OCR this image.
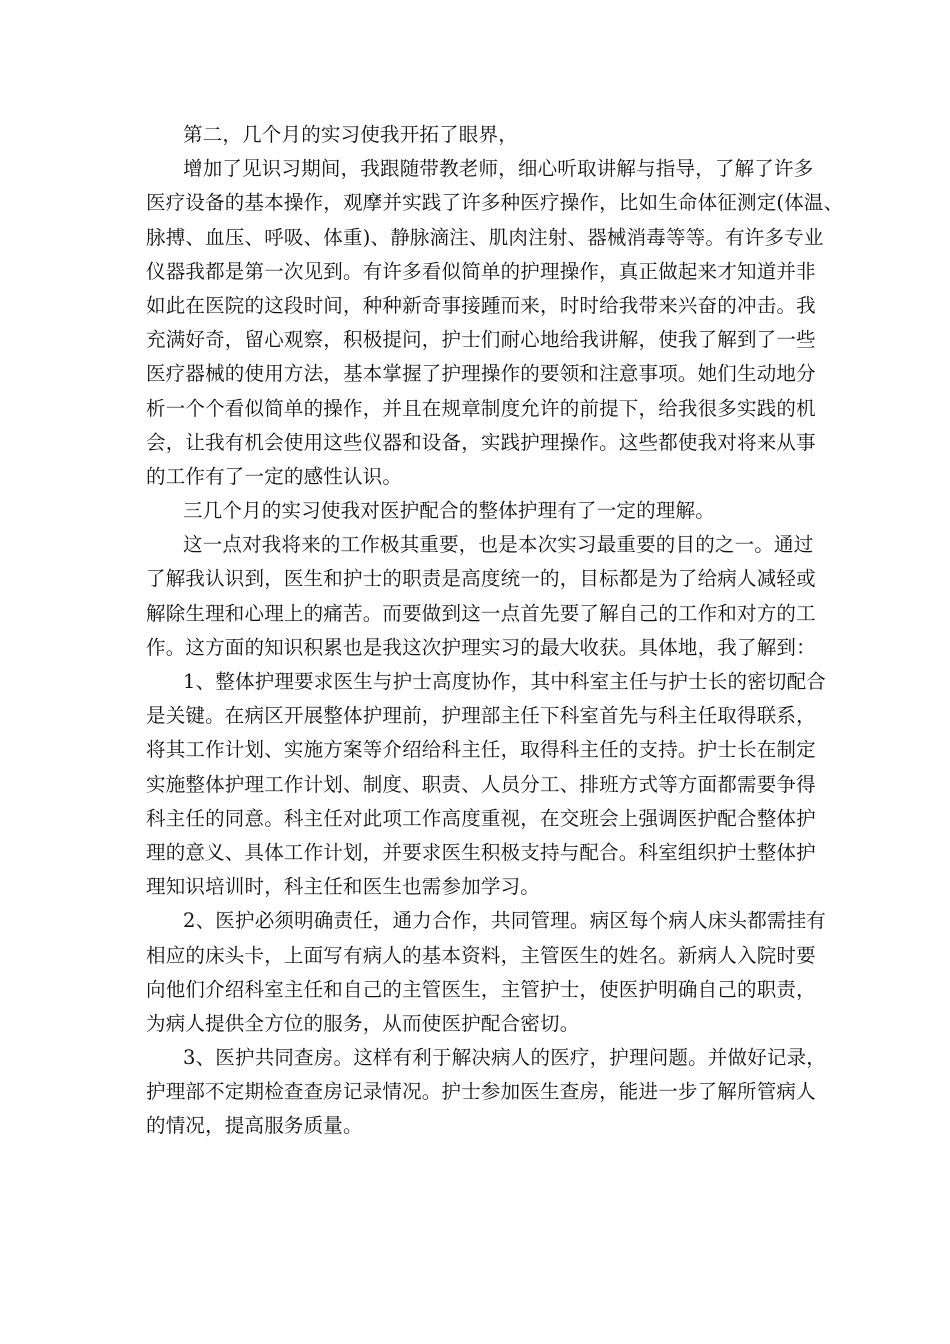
第二，几个月的实习使我开拓了眼界，
增加了见识习期间，我跟随带教老师，细心听取讲解与指导，了解了许多
医疗设备的基本操作，观摩并实践了许多种医疗操作，比如生命体征测定(体温、
脉搏、血压、呼吸、体重)、静脉滴注、肌肉注射、器械消毒等等。有许多专业
仪器我都是第一次见到。有许多看似简单的护理操作，真正做起来才知道并非
如此在医院的这段时间，种种新奇事接踵而来，时时给我带来兴奋的冲击。我
充满好奇，留心观察，积极提问，护士们耐心地给我讲解，使我了解到了一些
医疗器械的使用方法，基本掌握了护理操作的要领和注意事项。她们生动地分
析一个个看似简单的操作，并且在规章制度允许的前提下，给我很多实践的机
会，让我有机会使用这些仪器和设备，实践护理操作。这些都使我对将来从事
的工作有了一定的感性认识。
三几个月的实习使我对医护配合的整体护理有了一定的理解。
这一点对我将来的工作极其重要，也是本次实习最重要的目的之一。通过
了解我认识到，医生和护士的职责是高度统一的，目标都是为了给病人减轻或
解除生理和心理上的痛苦。而要做到这一点首先要了解自己的工作和对方的工
作。这方面的知识积累也是我这次护理实习的最大收获。具体地，我了解到：
1、整体护理要求医生与护士高度协作，其中科室主任与护士长的密切配合
是关键。在病区开展整体护理前，护理部主任下科室首先与科主任取得联系，
将其工作计划、实施方案等介绍给科主任，取得科主任的支持。护士长在制定
实施整体护理工作计划、制度、职责、人员分工、排班方式等方面都需要争得
科主任的同意。科主任对此项工作高度重视，在交班会上强调医护配合整体护
理的意义、具体工作计划，并要求医生积极支持与配合。科室组织护士整体护
理知识培训时，科主任和医生也需参加学习。
2、医护必须明确责任，通力合作，共同管理。病区每个病人床头都需挂有
相应的床头卡，上面写有病人的基本资料，主管医生的姓名。新病人入院时要
向他们介绍科室主任和自己的主管医生，主管护士，使医护明确自己的职责，
为病人提供全方位的服务，从而使医护配合密切。
3、医护共同查房。这样有利于解决病人的医疗，护理问题。并做好记录，
护理部不定期检查查房记录情况。护士参加医生查房，能进一步了解所管病人
的情况，提高服务质量。
